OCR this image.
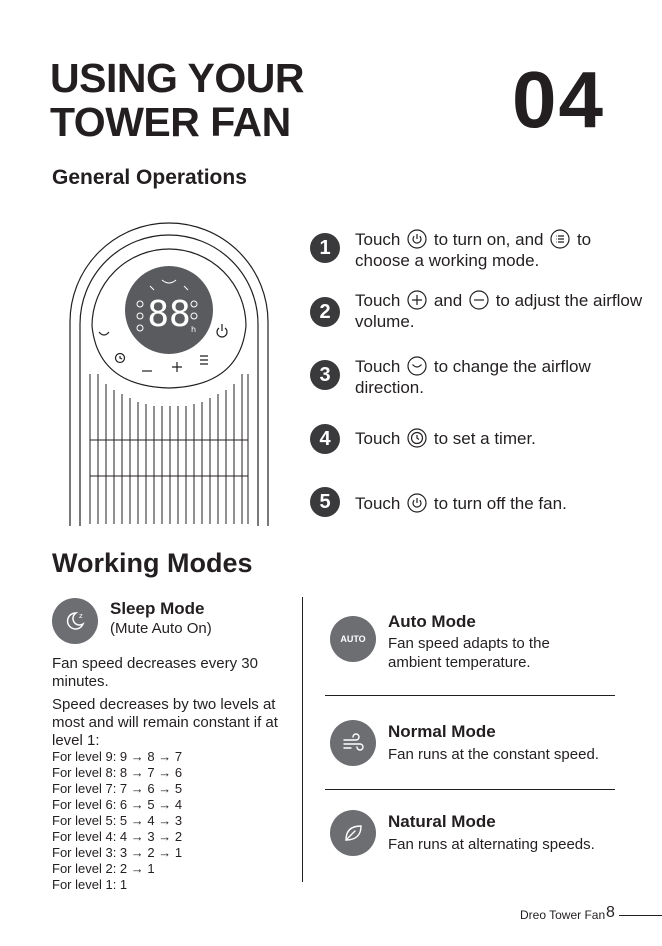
USING YOUR
TOWER FAN	04
General Operations
88 h
1	Touch to turn on, and to choose a working mode.
2	Touch and to adjust the airflow volume.
3	Touch to change the airflow direction.
4	Touch to set a timer.
5	Touch to turn off the fan.
Working Modes
z Sleep Mode
(Mute Auto On)
Fan speed decreases every 30 minutes.
Speed decreases by two levels at most and will remain constant if at level 1:
For level 9: 9 → 8 → 7
For level 8: 8 → 7 → 6
For level 7: 7 → 6 → 5
For level 6: 6 → 5 → 4
For level 5: 5 → 4 → 3
For level 4: 4 → 3 → 2
For level 3: 3 → 2 → 1
For level 2: 2 → 1
For level 1: 1
AUTO
Auto Mode
Fan speed adapts to the ambient temperature.
Normal Mode
Fan runs at the constant speed.
Natural Mode
Fan runs at alternating speeds.
Dreo Tower Fan 8
